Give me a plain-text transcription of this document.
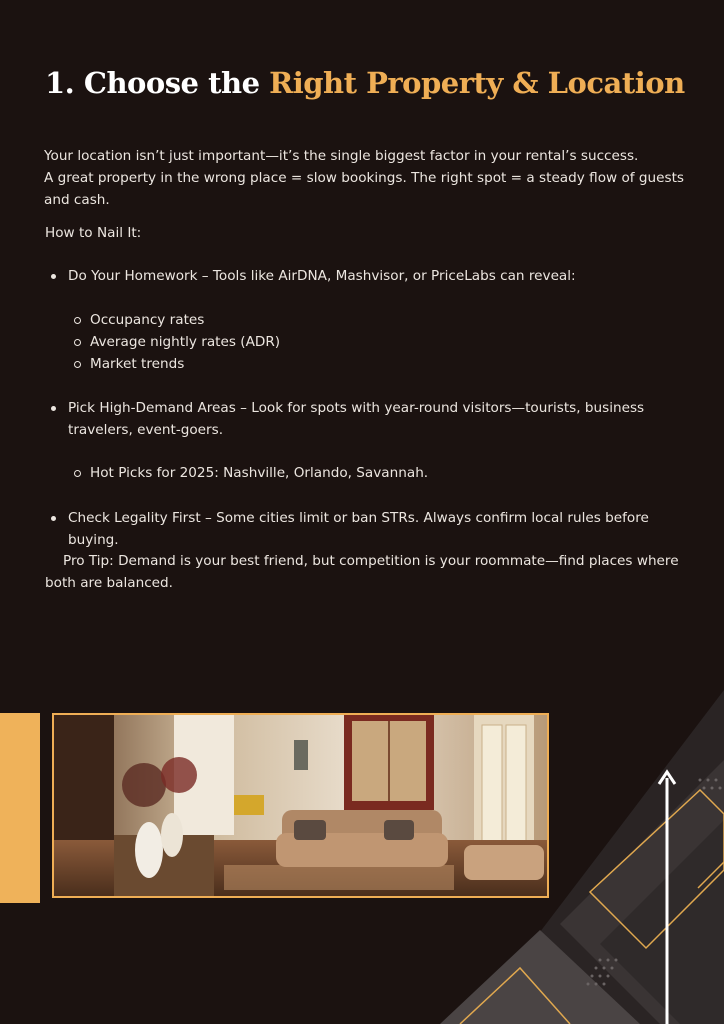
1. Choose the Right Property & Location

Your location isn’t just important—it’s the single biggest factor in your rental’s success.

A great property in the wrong place = slow bookings. The right spot = a steady flow of guests and cash.

How to Nail It:

Do Your Homework – Tools like AirDNA, Mashvisor, or PriceLabs can reveal:
Occupancy rates
Average nightly rates (ADR)
Market trends
Pick High-Demand Areas – Look for spots with year-round visitors—tourists, business travelers, event-goers.
Hot Picks for 2025: Nashville, Orlando, Savannah.
Check Legality First – Some cities limit or ban STRs. Always confirm local rules before buying.

Pro Tip: Demand is your best friend, but competition is your roommate—find places where both are balanced.
